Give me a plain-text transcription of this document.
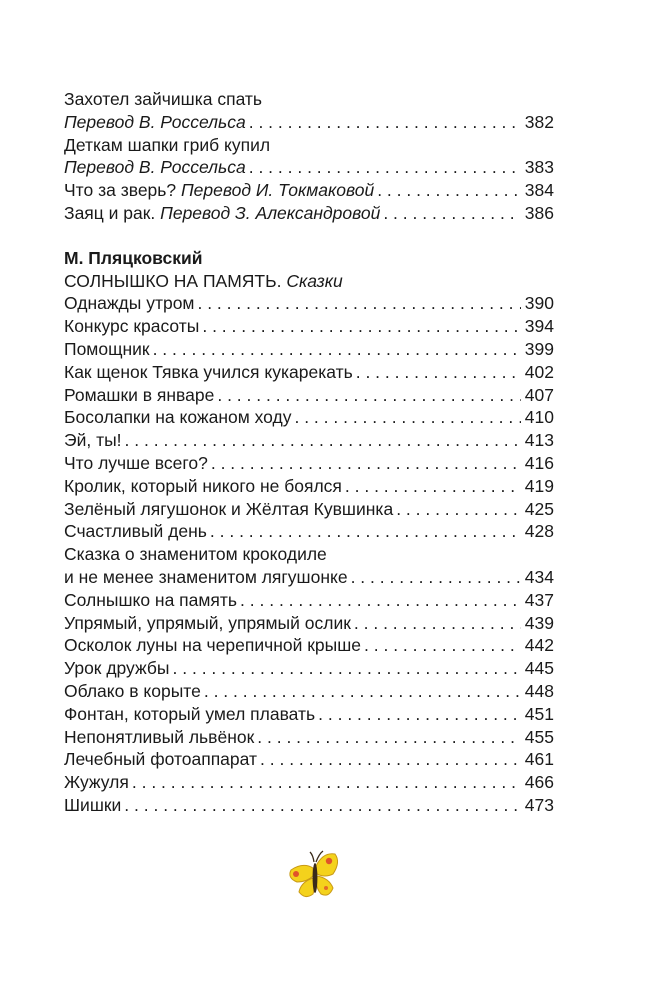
Захотел зайчишка спать
Перевод В. Россельса . . .	382
Деткам шапки гриб купил
Перевод В. Россельса . . .	383
Что за зверь? Перевод И. Токмаковой . . .	384
Заяц и рак. Перевод З. Александровой . . .	386
М. Пляцковский
СОЛНЫШКО НА ПАМЯТЬ. Сказки
Однажды утром . . .	390
Конкурс красоты . . .	394
Помощник . . .	399
Как щенок Тявка учился кукарекать . . .	402
Ромашки в январе . . .	407
Босолапки на кожаном ходу . . .	410
Эй, ты! . . .	413
Что лучше всего? . . .	416
Кролик, который никого не боялся . . .	419
Зелёный лягушонок и Жёлтая Кувшинка . . .	425
Счастливый день . . .	428
Сказка о знаменитом крокодиле
и не менее знаменитом лягушонке . . .	434
Солнышко на память . . .	437
Упрямый, упрямый, упрямый ослик . . .	439
Осколок луны на черепичной крыше . . .	442
Урок дружбы . . .	445
Облако в корыте . . .	448
Фонтан, который умел плавать . . .	451
Непонятливый львёнок . . .	455
Лечебный фотоаппарат . . .	461
Жужуля . . .	466
Шишки . . .	473
